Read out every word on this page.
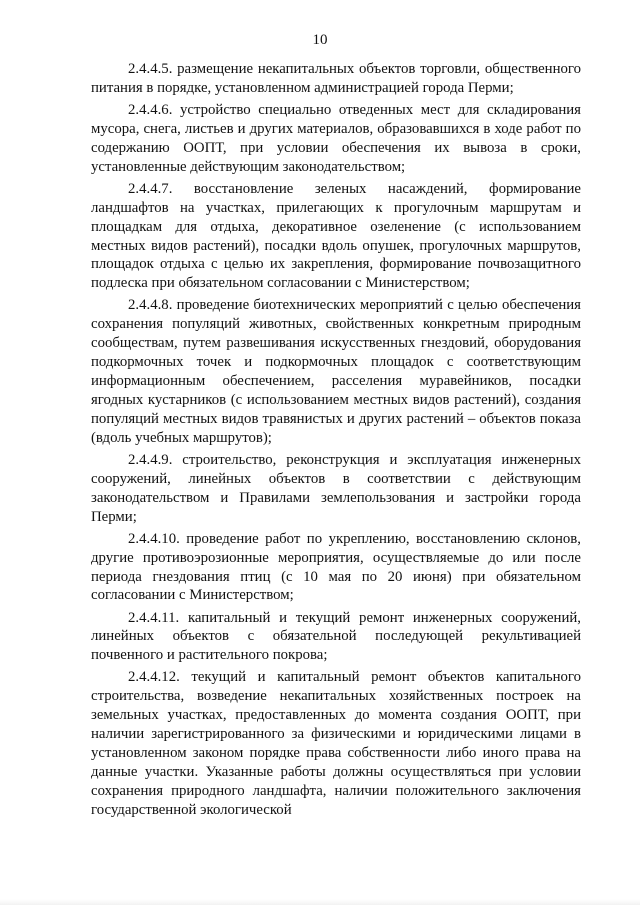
10

2.4.4.5. размещение некапитальных объектов торговли, общественного питания в порядке, установленном администрацией города Перми;

2.4.4.6. устройство специально отведенных мест для складирования мусора, снега, листьев и других материалов, образовавшихся в ходе работ по содержанию ООПТ, при условии обеспечения их вывоза в сроки, установленные действующим законодательством;

2.4.4.7. восстановление зеленых насаждений, формирование ландшафтов на участках, прилегающих к прогулочным маршрутам и площадкам для отдыха, декоративное озеленение (с использованием местных видов растений), посадки вдоль опушек, прогулочных маршрутов, площадок отдыха с целью их закрепления, формирование почвозащитного подлеска при обязательном согласовании с Министерством;

2.4.4.8. проведение биотехнических мероприятий с целью обеспечения сохранения популяций животных, свойственных конкретным природным сообществам, путем развешивания искусственных гнездовий, оборудования подкормочных точек и подкормочных площадок с соответствующим информационным обеспечением, расселения муравейников, посадки ягодных кустарников (с использованием местных видов растений), создания популяций местных видов травянистых и других растений – объектов показа (вдоль учебных маршрутов);

2.4.4.9. строительство, реконструкция и эксплуатация инженерных сооружений, линейных объектов в соответствии с действующим законодательством и Правилами землепользования и застройки города Перми;

2.4.4.10. проведение работ по укреплению, восстановлению склонов, другие противоэрозионные мероприятия, осуществляемые до или после периода гнездования птиц (с 10 мая по 20 июня) при обязательном согласовании с Министерством;

2.4.4.11. капитальный и текущий ремонт инженерных сооружений, линейных объектов с обязательной последующей рекультивацией почвенного и растительного покрова;

2.4.4.12. текущий и капитальный ремонт объектов капитального строительства, возведение некапитальных хозяйственных построек на земельных участках, предоставленных до момента создания ООПТ, при наличии зарегистрированного за физическими и юридическими лицами в установленном законом порядке права собственности либо иного права на данные участки. Указанные работы должны осуществляться при условии сохранения природного ландшафта, наличии положительного заключения государственной экологической
